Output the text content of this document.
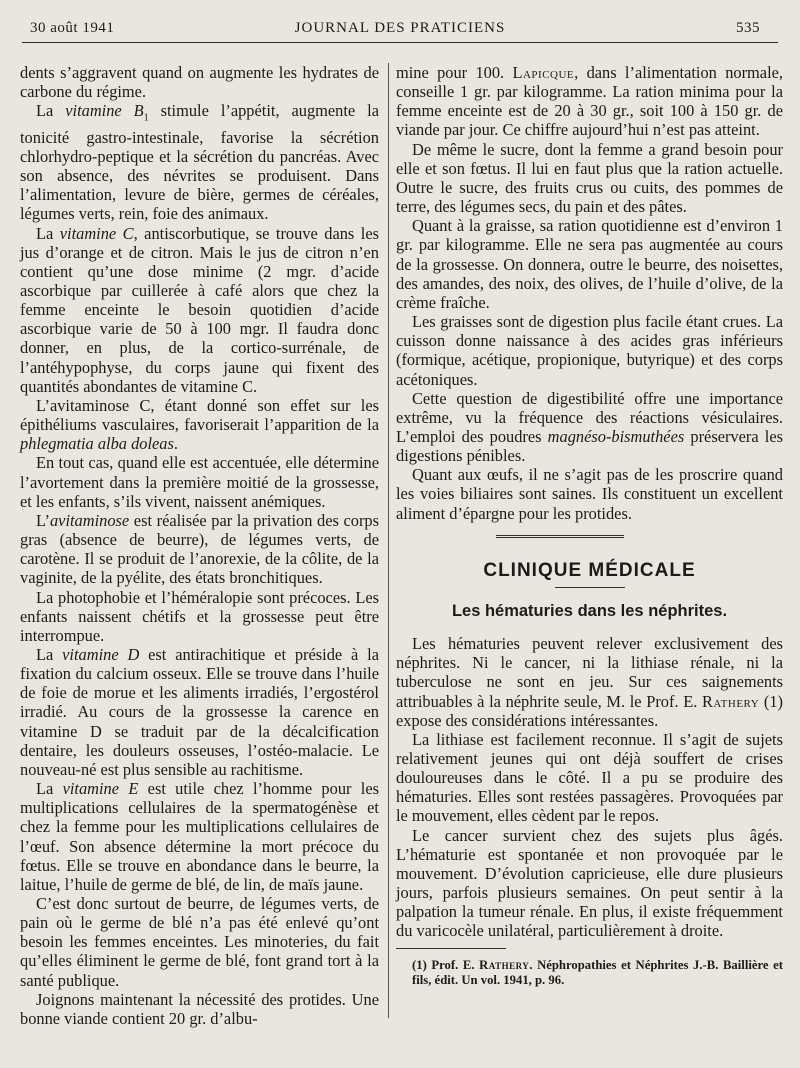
30 août 1941	JOURNAL DES PRATICIENS	535

dents s’aggravent quand on augmente les hydrates de carbone du régime.

La vitamine $B_1$ stimule l’appétit, augmente la tonicité gastro-intestinale, favorise la sécrétion chlorhydro-peptique et la sécrétion du pancréas. Avec son absence, des névrites se produisent. Dans l’alimentation, levure de bière, germes de céréales, légumes verts, rein, foie des animaux.

La vitamine C, antiscorbutique, se trouve dans les jus d’orange et de citron. Mais le jus de citron n’en contient qu’une dose minime (2 mgr. d’acide ascorbique par cuillerée à café alors que chez la femme enceinte le besoin quotidien d’acide ascorbique varie de 50 à 100 mgr. Il faudra donc donner, en plus, de la cortico-surrénale, de l’antéhypophyse, du corps jaune qui fixent des quantités abondantes de vitamine C.

L’avitaminose C, étant donné son effet sur les épithéliums vasculaires, favoriserait l’apparition de la phlegmatia alba doleas.

En tout cas, quand elle est accentuée, elle détermine l’avortement dans la première moitié de la grossesse, et les enfants, s’ils vivent, naissent anémiques.

L’avitaminose est réalisée par la privation des corps gras (absence de beurre), de légumes verts, de carotène. Il se produit de l’anorexie, de la côlite, de la vaginite, de la pyélite, des états bronchitiques.

La photophobie et l’héméralopie sont précoces. Les enfants naissent chétifs et la grossesse peut être interrompue.

La vitamine D est antirachitique et préside à la fixation du calcium osseux. Elle se trouve dans l’huile de foie de morue et les aliments irradiés, l’ergostérol irradié. Au cours de la grossesse la carence en vitamine D se traduit par de la décalcification dentaire, les douleurs osseuses, l’ostéo-malacie. Le nouveau-né est plus sensible au rachitisme.

La vitamine E est utile chez l’homme pour les multiplications cellulaires de la spermatogénèse et chez la femme pour les multiplications cellulaires de l’œuf. Son absence détermine la mort précoce du fœtus. Elle se trouve en abondance dans le beurre, la laitue, l’huile de germe de blé, de lin, de maïs jaune.

C’est donc surtout de beurre, de légumes verts, de pain où le germe de blé n’a pas été enlevé qu’ont besoin les femmes enceintes. Les minoteries, du fait qu’elles éliminent le germe de blé, font grand tort à la santé publique.

Joignons maintenant la nécessité des protides. Une bonne viande contient 20 gr. d’albu-

mine pour 100. Lapicque, dans l’alimentation normale, conseille 1 gr. par kilogramme. La ration minima pour la femme enceinte est de 20 à 30 gr., soit 100 à 150 gr. de viande par jour. Ce chiffre aujourd’hui n’est pas atteint.

De même le sucre, dont la femme a grand besoin pour elle et son fœtus. Il lui en faut plus que la ration actuelle. Outre le sucre, des fruits crus ou cuits, des pommes de terre, des légumes secs, du pain et des pâtes.

Quant à la graisse, sa ration quotidienne est d’environ 1 gr. par kilogramme. Elle ne sera pas augmentée au cours de la grossesse. On donnera, outre le beurre, des noisettes, des amandes, des noix, des olives, de l’huile d’olive, de la crème fraîche.

Les graisses sont de digestion plus facile étant crues. La cuisson donne naissance à des acides gras inférieurs (formique, acétique, propionique, butyrique) et des corps acétoniques.

Cette question de digestibilité offre une importance extrême, vu la fréquence des réactions vésiculaires. L’emploi des poudres magnéso-bismuthées préservera les digestions pénibles.

Quant aux œufs, il ne s’agit pas de les proscrire quand les voies biliaires sont saines. Ils constituent un excellent aliment d’épargne pour les protides.

CLINIQUE MÉDICALE
Les hématuries dans les néphrites.

Les hématuries peuvent relever exclusivement des néphrites. Ni le cancer, ni la lithiase rénale, ni la tuberculose ne sont en jeu. Sur ces saignements attribuables à la néphrite seule, M. le Prof. E. Rathery (1) expose des considérations intéressantes.

La lithiase est facilement reconnue. Il s’agit de sujets relativement jeunes qui ont déjà souffert de crises douloureuses dans le côté. Il a pu se produire des hématuries. Elles sont restées passagères. Provoquées par le mouvement, elles cèdent par le repos.

Le cancer survient chez des sujets plus âgés. L’hématurie est spontanée et non provoquée par le mouvement. D’évolution capricieuse, elle dure plusieurs jours, parfois plusieurs semaines. On peut sentir à la palpation la tumeur rénale. En plus, il existe fréquemment du varicocèle unilatéral, particulièrement à droite.

(1) Prof. E. Rathery. Néphropathies et Néphrites J.-B. Baillière et fils, édit. Un vol. 1941, p. 96.
